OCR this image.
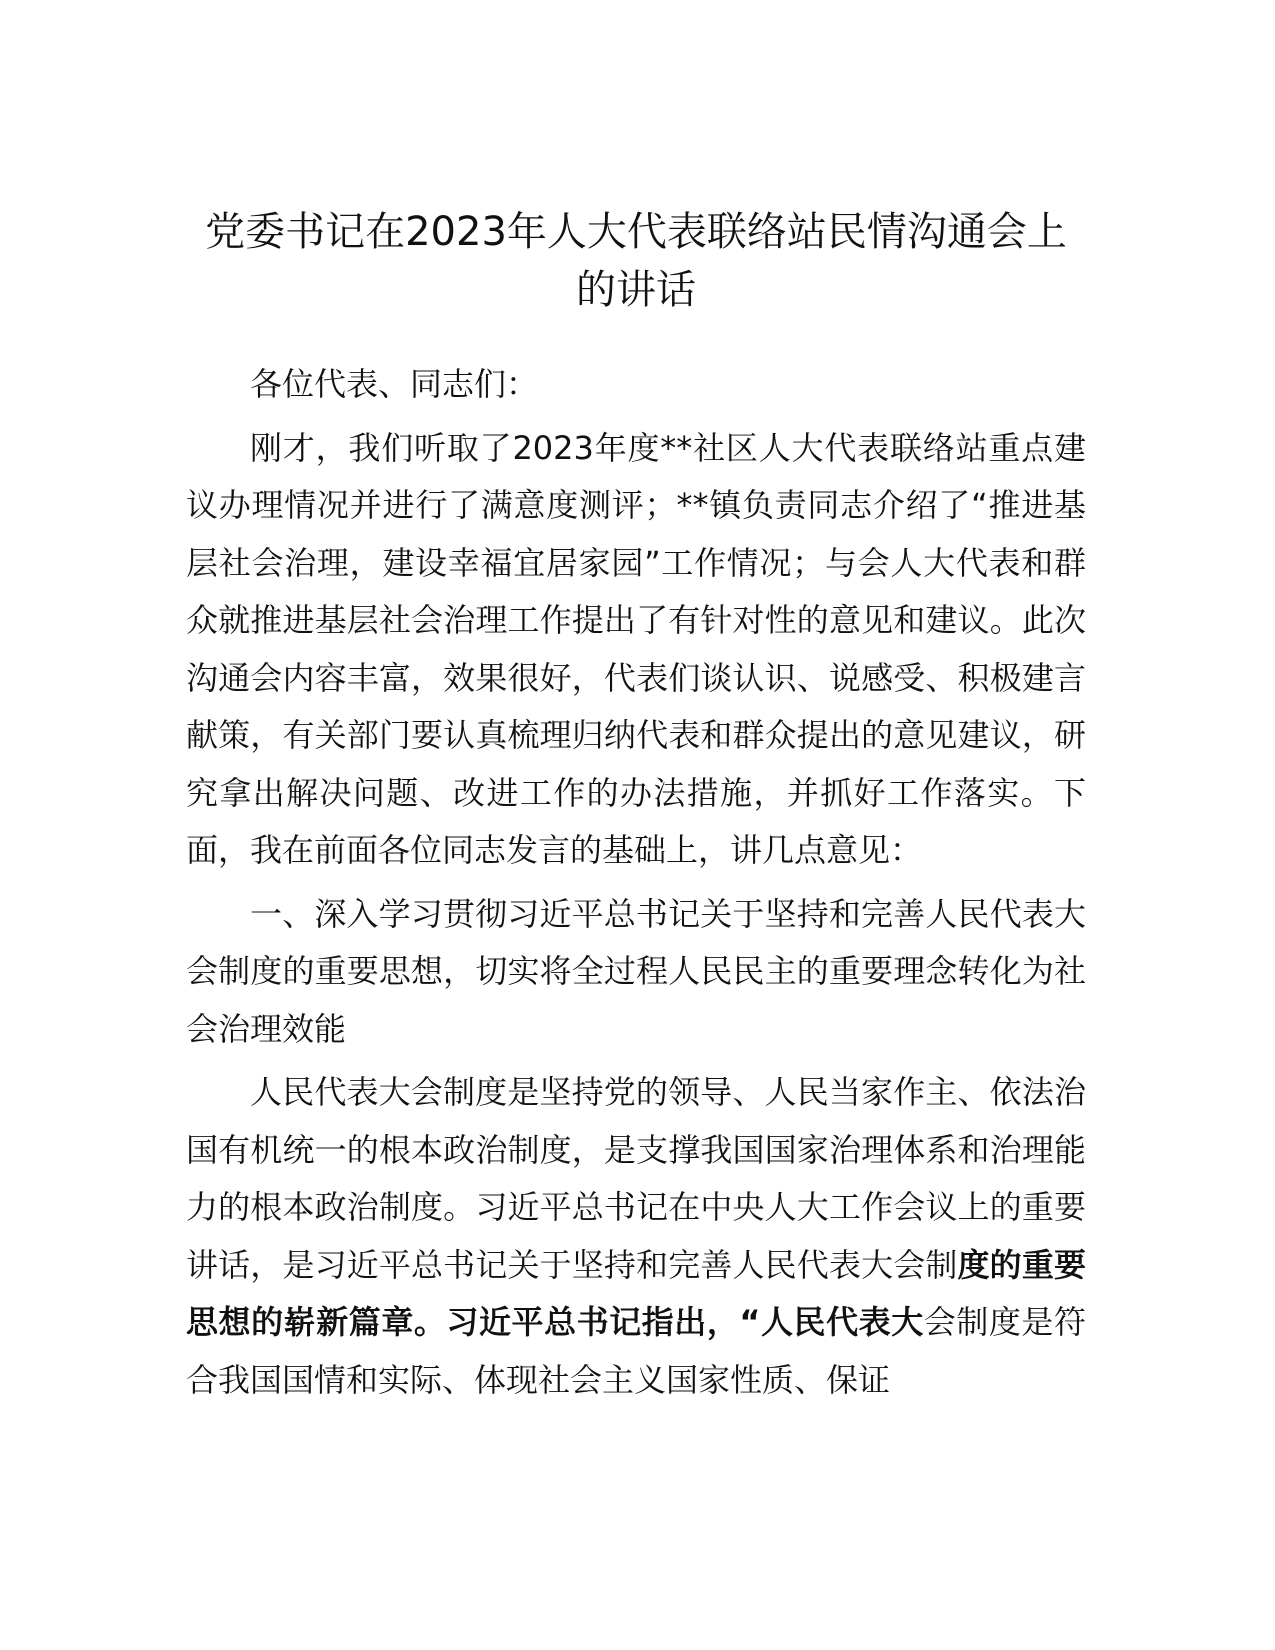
党委书记在2023年人大代表联络站民情沟通会上的讲话

各位代表、同志们：

刚才，我们听取了2023年度**社区人大代表联络站重点建议办理情况并进行了满意度测评；**镇负责同志介绍了“推进基层社会治理，建设幸福宜居家园”工作情况；与会人大代表和群众就推进基层社会治理工作提出了有针对性的意见和建议。此次沟通会内容丰富，效果很好，代表们谈认识、说感受、积极建言献策，有关部门要认真梳理归纳代表和群众提出的意见建议，研究拿出解决问题、改进工作的办法措施，并抓好工作落实。下面，我在前面各位同志发言的基础上，讲几点意见：

一、深入学习贯彻习近平总书记关于坚持和完善人民代表大会制度的重要思想，切实将全过程人民民主的重要理念转化为社会治理效能

人民代表大会制度是坚持党的领导、人民当家作主、依法治国有机统一的根本政治制度，是支撑我国国家治理体系和治理能力的根本政治制度。习近平总书记在中央人大工作会议上的重要讲话，是习近平总书记关于坚持和完善人民代表大会制度的重要思想的崭新篇章。习近平总书记指出，“人民代表大会制度是符合我国国情和实际、体现社会主义国家性质、保证
